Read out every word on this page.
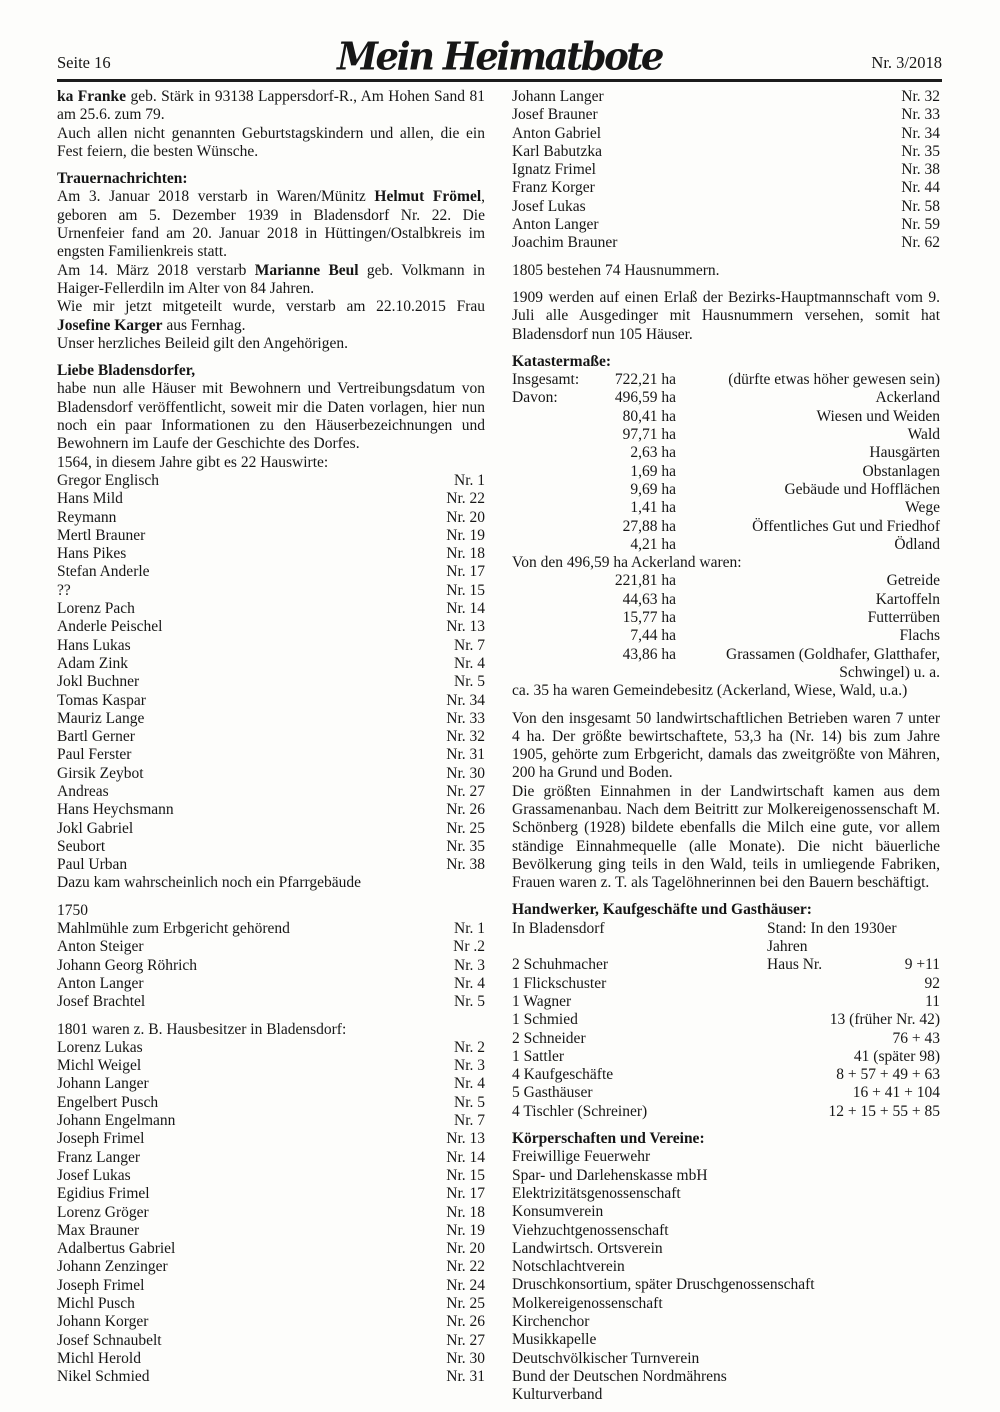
Seite 16	Mein Heimatbote	Nr. 3/2018

ka Franke geb. Stärk in 93138 Lappersdorf-R., Am Hohen Sand 81 am 25.6. zum 79.

Auch allen nicht genannten Geburtstagskindern und allen, die ein Fest feiern, die besten Wünsche.

Trauernachrichten:

Am 3. Januar 2018 verstarb in Waren/Münitz Helmut Frömel, geboren am 5. Dezember 1939 in Bladensdorf Nr. 22. Die Urnenfeier fand am 20. Januar 2018 in Hüttingen/Ostalbkreis im engsten Familienkreis statt.

Am 14. März 2018 verstarb Marianne Beul geb. Volkmann in Haiger-Fellerdiln im Alter von 84 Jahren.

Wie mir jetzt mitgeteilt wurde, verstarb am 22.10.2015 Frau Josefine Karger aus Fernhag.

Unser herzliches Beileid gilt den Angehörigen.

Liebe Bladensdorfer,

habe nun alle Häuser mit Bewohnern und Vertreibungsdatum von Bladensdorf veröffentlicht, soweit mir die Daten vorlagen, hier nun noch ein paar Informationen zu den Häuserbezeichnungen und Bewohnern im Laufe der Geschichte des Dorfes.

1564, in diesem Jahre gibt es 22 Hauswirte:

Gregor Englisch	Nr. 1
Hans Mild	Nr. 22
Reymann	Nr. 20
Mertl Brauner	Nr. 19
Hans Pikes	Nr. 18
Stefan Anderle	Nr. 17
??	Nr. 15
Lorenz Pach	Nr. 14
Anderle Peischel	Nr. 13
Hans Lukas	Nr. 7
Adam Zink	Nr. 4
Jokl Buchner	Nr. 5
Tomas Kaspar	Nr. 34
Mauriz Lange	Nr. 33
Bartl Gerner	Nr. 32
Paul Ferster	Nr. 31
Girsik Zeybot	Nr. 30
Andreas	Nr. 27
Hans Heychsmann	Nr. 26
Jokl Gabriel	Nr. 25
Seubort	Nr. 35
Paul Urban	Nr. 38

Dazu kam wahrscheinlich noch ein Pfarrgebäude

1750

Mahlmühle zum Erbgericht gehörend	Nr. 1
Anton Steiger	Nr .2
Johann Georg Röhrich	Nr. 3
Anton Langer	Nr. 4
Josef Brachtel	Nr. 5

1801 waren z. B. Hausbesitzer in Bladensdorf:

Lorenz Lukas	Nr. 2
Michl Weigel	Nr. 3
Johann Langer	Nr. 4
Engelbert Pusch	Nr. 5
Johann Engelmann	Nr. 7
Joseph Frimel	Nr. 13
Franz Langer	Nr. 14
Josef Lukas	Nr. 15
Egidius Frimel	Nr. 17
Lorenz Gröger	Nr. 18
Max Brauner	Nr. 19
Adalbertus Gabriel	Nr. 20
Johann Zenzinger	Nr. 22
Joseph Frimel	Nr. 24
Michl Pusch	Nr. 25
Johann Korger	Nr. 26
Josef Schnaubelt	Nr. 27
Michl Herold	Nr. 30
Nikel Schmied	Nr. 31
Johann Langer	Nr. 32
Josef Brauner	Nr. 33
Anton Gabriel	Nr. 34
Karl Babutzka	Nr. 35
Ignatz Frimel	Nr. 38
Franz Korger	Nr. 44
Josef Lukas	Nr. 58
Anton Langer	Nr. 59
Joachim Brauner	Nr. 62

1805 bestehen 74 Hausnummern.

1909 werden auf einen Erlaß der Bezirks-Hauptmannschaft vom 9. Juli alle Ausgedinger mit Hausnummern versehen, somit hat Bladensdorf nun 105 Häuser.

Katastermaße:
Insgesamt:	722,21 ha	(dürfte etwas höher gewesen sein)
Davon:	496,59 ha	Ackerland
80,41 ha	Wiesen und Weiden
97,71 ha	Wald
2,63 ha	Hausgärten
1,69 ha	Obstanlagen
9,69 ha	Gebäude und Hofflächen
1,41 ha	Wege
27,88 ha	Öffentliches Gut und Friedhof
4,21 ha	Ödland

Von den 496,59 ha Ackerland waren:

221,81 ha	Getreide
44,63 ha	Kartoffeln
15,77 ha	Futterrüben
7,44 ha	Flachs
43,86 ha	Grassamen (Goldhafer, Glatthafer, Schwingel) u. a.

ca. 35 ha waren Gemeindebesitz (Ackerland, Wiese, Wald, u.a.)

Von den insgesamt 50 landwirtschaftlichen Betrieben waren 7 unter 4 ha. Der größte bewirtschaftete, 53,3 ha (Nr. 14) bis zum Jahre 1905, gehörte zum Erbgericht, damals das zweitgrößte von Mähren, 200 ha Grund und Boden.

Die größten Einnahmen in der Landwirtschaft kamen aus dem Grassamenanbau. Nach dem Beitritt zur Molkereigenossenschaft M. Schönberg (1928) bildete ebenfalls die Milch eine gute, vor allem ständige Einnahmequelle (alle Monate). Die nicht bäuerliche Bevölkerung ging teils in den Wald, teils in umliegende Fabriken, Frauen waren z. T. als Tagelöhnerinnen bei den Bauern beschäftigt.

Handwerker, Kaufgeschäfte und Gasthäuser:
In Bladensdorf	Stand: In den 1930er Jahren
2 Schuhmacher	Haus Nr.	9 +11
1 Flickschuster	92
1 Wagner	11
1 Schmied	13 (früher Nr. 42)
2 Schneider	76 + 43
1 Sattler	41 (später 98)
4 Kaufgeschäfte	8 + 57 + 49 + 63
5 Gasthäuser	16 + 41 + 104
4 Tischler (Schreiner)	12 + 15 + 55 + 85
Körperschaften und Vereine:
Freiwillige Feuerwehr
Spar- und Darlehenskasse mbH
Elektrizitätsgenossenschaft
Konsumverein
Viehzuchtgenossenschaft
Landwirtsch. Ortsverein
Notschlachtverein
Druschkonsortium, später Druschgenossenschaft
Molkereigenossenschaft
Kirchenchor
Musikkapelle
Deutschvölkischer Turnverein
Bund der Deutschen Nordmährens
Kulturverband
